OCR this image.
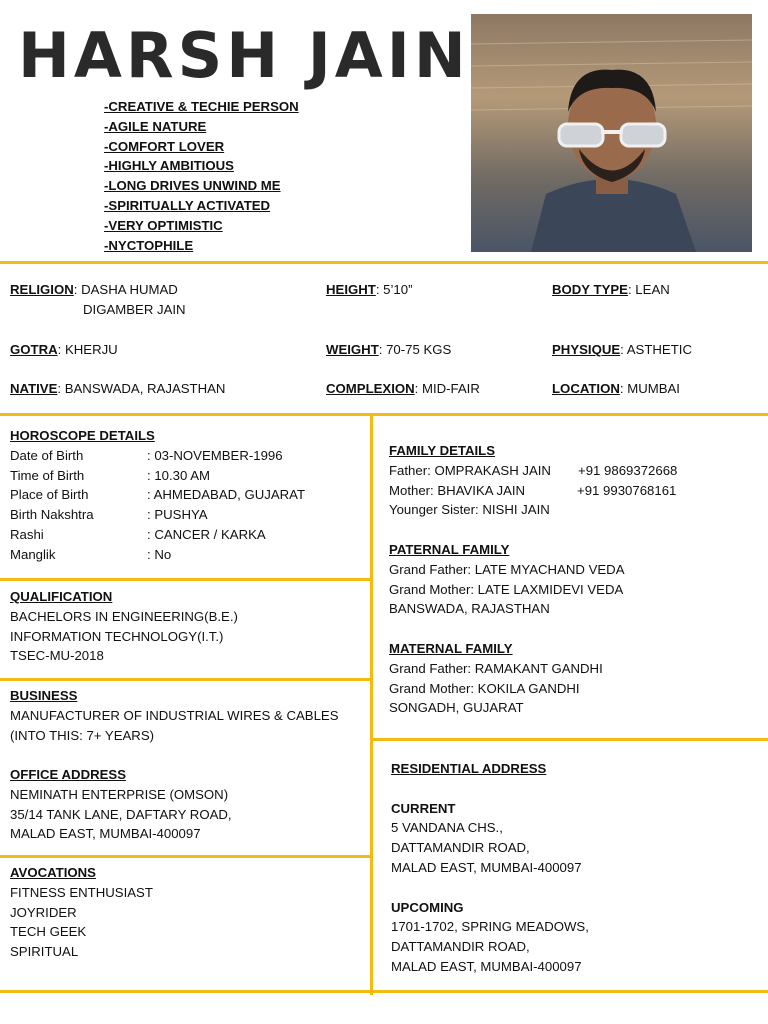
HARSH JAIN
-CREATIVE & TECHIE PERSON
-AGILE NATURE
-COMFORT LOVER
-HIGHLY AMBITIOUS
-LONG DRIVES UNWIND ME
-SPIRITUALLY ACTIVATED
-VERY OPTIMISTIC
-NYCTOPHILE
RELIGION: DASHA HUMAD
DIGAMBER JAIN
HEIGHT: 5’10”	BODY TYPE: LEAN
GOTRA: KHERJU	WEIGHT: 70-75 KGS	PHYSIQUE: ASTHETIC
NATIVE: BANSWADA, RAJASTHAN	COMPLEXION: MID-FAIR	LOCATION: MUMBAI
HOROSCOPE DETAILS
Date of Birth	: 03-NOVEMBER-1996
Time of Birth	: 10.30 AM
Place of Birth	: AHMEDABAD, GUJARAT
Birth Nakshtra	: PUSHYA
Rashi	: CANCER / KARKA
Manglik	: No
QUALIFICATION
BACHELORS IN ENGINEERING(B.E.)
INFORMATION TECHNOLOGY(I.T.)
TSEC-MU-2018
BUSINESS
MANUFACTURER OF INDUSTRIAL WIRES & CABLES
(INTO THIS: 7+ YEARS)
OFFICE ADDRESS
NEMINATH ENTERPRISE (OMSON)
35/14 TANK LANE, DAFTARY ROAD,
MALAD EAST, MUMBAI-400097
AVOCATIONS
FITNESS ENTHUSIAST
JOYRIDER
TECH GEEK
SPIRITUAL
FAMILY DETAILS
Father: OMPRAKASH JAIN +91 9869372668
Mother: BHAVIKA JAIN	+91 9930768161
Younger Sister: NISHI JAIN
PATERNAL FAMILY
Grand Father: LATE MYACHAND VEDA
Grand Mother: LATE LAXMIDEVI VEDA
BANSWADA, RAJASTHAN
MATERNAL FAMILY
Grand Father: RAMAKANT GANDHI
Grand Mother: KOKILA GANDHI
SONGADH, GUJARAT
RESIDENTIAL ADDRESS
CURRENT
5 VANDANA CHS.,
DATTAMANDIR ROAD,
MALAD EAST, MUMBAI-400097
UPCOMING
1701-1702, SPRING MEADOWS,
DATTAMANDIR ROAD,
MALAD EAST, MUMBAI-400097
